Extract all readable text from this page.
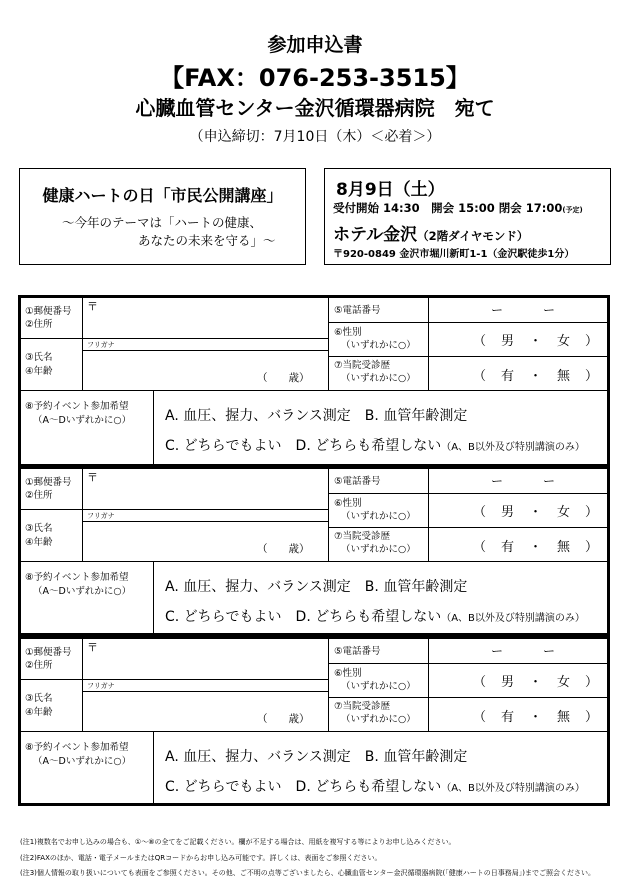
参加申込書
【FAX：076-253-3515】
心臓血管センター金沢循環器病院　宛て
（申込締切：7月10日（木）＜必着＞）
健康ハートの日「市民公開講座」
～今年のテーマは「ハートの健康、
あなたの未来を守る」～
8月9日（土）
受付開始 14:30　開会 15:00 閉会 17:00(予定)
ホテル金沢（2階ダイヤモンド）
〒920-0849 金沢市堀川新町1-1（金沢駅徒歩1分）
①郵便番号
②住所
〒
フリガナ
③氏名
④年齢
（　　歳）
⑤電話番号	ー　　　ー
⑥性別
（いずれかに○）	（　男　・　女　）
⑦当院受診歴
（いずれかに○）	（　有　・　無　）
⑧予約イベント参加希望
（A～Dいずれかに○） A. 血圧、握力、バランス測定　B. 血管年齢測定
C. どちらでもよい　D. どちらも希望しない（A、B以外及び特別講演のみ）
①郵便番号
②住所
〒
フリガナ
③氏名
④年齢
（　　歳）
⑤電話番号	ー　　　ー
⑥性別
（いずれかに○）	（　男　・　女　）
⑦当院受診歴
（いずれかに○）	（　有　・　無　）
⑧予約イベント参加希望
（A～Dいずれかに○） A. 血圧、握力、バランス測定　B. 血管年齢測定
C. どちらでもよい　D. どちらも希望しない（A、B以外及び特別講演のみ）
①郵便番号
②住所
〒
フリガナ
③氏名
④年齢
（　　歳）
⑤電話番号	ー　　　ー
⑥性別
（いずれかに○）	（　男　・　女　）
⑦当院受診歴
（いずれかに○）	（　有　・　無　）
⑧予約イベント参加希望
（A～Dいずれかに○） A. 血圧、握力、バランス測定　B. 血管年齢測定
C. どちらでもよい　D. どちらも希望しない（A、B以外及び特別講演のみ）
(注1)複数名でお申し込みの場合も、①～⑧の全てをご記載ください。欄が不足する場合は、用紙を複写する等によりお申し込みください。
(注2)FAXのほか、電話・電子メールまたはQRコードからお申し込み可能です。詳しくは、表面をご参照ください。
(注3)個人情報の取り扱いについても表面をご参照ください。その他、ご不明の点等ございましたら、心臓血管センター金沢循環器病院(「健康ハートの日事務局」)までご照会ください。
